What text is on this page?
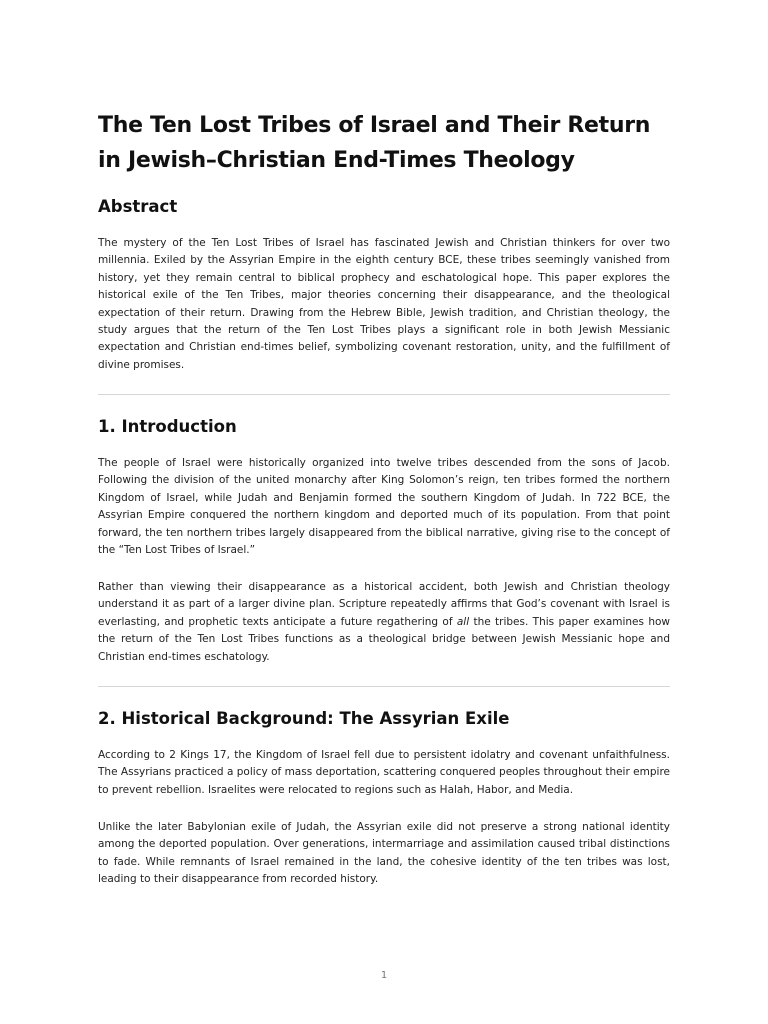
The Ten Lost Tribes of Israel and Their Return in Jewish–Christian End-Times Theology
Abstract

The mystery of the Ten Lost Tribes of Israel has fascinated Jewish and Christian thinkers for over two millennia. Exiled by the Assyrian Empire in the eighth century BCE, these tribes seemingly vanished from history, yet they remain central to biblical prophecy and eschatological hope. This paper explores the historical exile of the Ten Tribes, major theories concerning their disappearance, and the theological expectation of their return. Drawing from the Hebrew Bible, Jewish tradition, and Christian theology, the study argues that the return of the Ten Lost Tribes plays a significant role in both Jewish Messianic expectation and Christian end-times belief, symbolizing covenant restoration, unity, and the fulfillment of divine promises.

1. Introduction

The people of Israel were historically organized into twelve tribes descended from the sons of Jacob. Following the division of the united monarchy after King Solomon’s reign, ten tribes formed the northern Kingdom of Israel, while Judah and Benjamin formed the southern Kingdom of Judah. In 722 BCE, the Assyrian Empire conquered the northern kingdom and deported much of its population. From that point forward, the ten northern tribes largely disappeared from the biblical narrative, giving rise to the concept of the “Ten Lost Tribes of Israel.”

Rather than viewing their disappearance as a historical accident, both Jewish and Christian theology understand it as part of a larger divine plan. Scripture repeatedly affirms that God’s covenant with Israel is everlasting, and prophetic texts anticipate a future regathering of all the tribes. This paper examines how the return of the Ten Lost Tribes functions as a theological bridge between Jewish Messianic hope and Christian end-times eschatology.

2. Historical Background: The Assyrian Exile

According to 2 Kings 17, the Kingdom of Israel fell due to persistent idolatry and covenant unfaithfulness. The Assyrians practiced a policy of mass deportation, scattering conquered peoples throughout their empire to prevent rebellion. Israelites were relocated to regions such as Halah, Habor, and Media.

Unlike the later Babylonian exile of Judah, the Assyrian exile did not preserve a strong national identity among the deported population. Over generations, intermarriage and assimilation caused tribal distinctions to fade. While remnants of Israel remained in the land, the cohesive identity of the ten tribes was lost, leading to their disappearance from recorded history.

1
